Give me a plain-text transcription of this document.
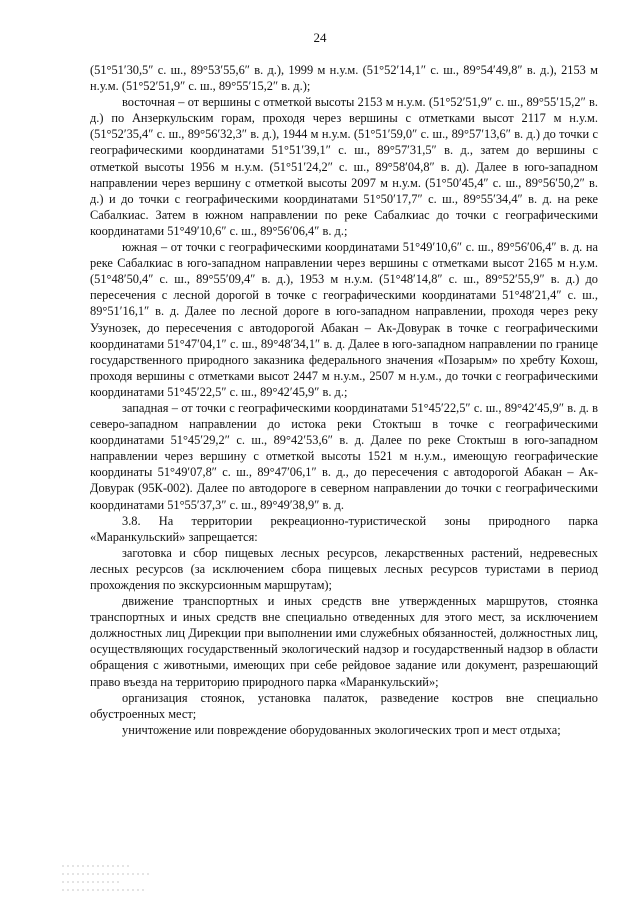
24

(51°51′30,5″ с. ш., 89°53′55,6″ в. д.), 1999 м н.у.м. (51°52′14,1″ с. ш., 89°54′49,8″ в. д.), 2153 м н.у.м. (51°52′51,9″ с. ш., 89°55′15,2″ в. д.);

восточная – от вершины с отметкой высоты 2153 м н.у.м. (51°52′51,9″ с. ш., 89°55′15,2″ в. д.) по Анзеркульским горам, проходя через вершины с отметками высот 2117 м н.у.м. (51°52′35,4″ с. ш., 89°56′32,3″ в. д.), 1944 м н.у.м. (51°51′59,0″ с. ш., 89°57′13,6″ в. д.) до точки с географическими координатами 51°51′39,1″ с. ш., 89°57′31,5″ в. д., затем до вершины с отметкой высоты 1956 м н.у.м. (51°51′24,2″ с. ш., 89°58′04,8″ в. д). Далее в юго-западном направлении через вершину с отметкой высоты 2097 м н.у.м. (51°50′45,4″ с. ш., 89°56′50,2″ в. д.) и до точки с географическими координатами 51°50′17,7″ с. ш., 89°55′34,4″ в. д. на реке Сабалкиас. Затем в южном направлении по реке Сабалкиас до точки с географическими координатами 51°49′10,6″ с. ш., 89°56′06,4″ в. д.;

южная – от точки с географическими координатами 51°49′10,6″ с. ш., 89°56′06,4″ в. д. на реке Сабалкиас в юго-западном направлении через вершины с отметками высот 2165 м н.у.м. (51°48′50,4″ с. ш., 89°55′09,4″ в. д.), 1953 м н.у.м. (51°48′14,8″ с. ш., 89°52′55,9″ в. д.) до пересечения с лесной дорогой в точке с географическими координатами 51°48′21,4″ с. ш., 89°51′16,1″ в. д. Далее по лесной дороге в юго-западном направлении, проходя через реку Узунозек, до пересечения с автодорогой Абакан – Ак-Довурак в точке с географическими координатами 51°47′04,1″ с. ш., 89°48′34,1″ в. д. Далее в юго-западном направлении по границе государственного природного заказника федерального значения «Позарым» по хребту Кохош, проходя вершины с отметками высот 2447 м н.у.м., 2507 м н.у.м., до точки с географическими координатами 51°45′22,5″ с. ш., 89°42′45,9″ в. д.;

западная – от точки с географическими координатами 51°45′22,5″ с. ш., 89°42′45,9″ в. д. в северо-западном направлении до истока реки Стоктыш в точке с географическими координатами 51°45′29,2″ с. ш., 89°42′53,6″ в. д. Далее по реке Стоктыш в юго-западном направлении через вершину с отметкой высоты 1521 м н.у.м., имеющую географические координаты 51°49′07,8″ с. ш., 89°47′06,1″ в. д., до пересечения с автодорогой Абакан – Ак-Довурак (95К-002). Далее по автодороге в северном направлении до точки с географическими координатами 51°55′37,3″ с. ш., 89°49′38,9″ в. д.

3.8. На территории рекреационно-туристической зоны природного парка «Маранкульский» запрещается:

заготовка и сбор пищевых лесных ресурсов, лекарственных растений, недревесных лесных ресурсов (за исключением сбора пищевых лесных ресурсов туристами в период прохождения по экскурсионным маршрутам);

движение транспортных и иных средств вне утвержденных маршрутов, стоянка транспортных и иных средств вне специально отведенных для этого мест, за исключением должностных лиц Дирекции при выполнении ими служебных обязанностей, должностных лиц, осуществляющих государственный экологический надзор и государственный надзор в области обращения с животными, имеющих при себе рейдовое задание или документ, разрешающий право въезда на территорию природного парка «Маранкульский»;

организация стоянок, установка палаток, разведение костров вне специально обустроенных мест;

уничтожение или повреждение оборудованных экологических троп и мест отдыха;
